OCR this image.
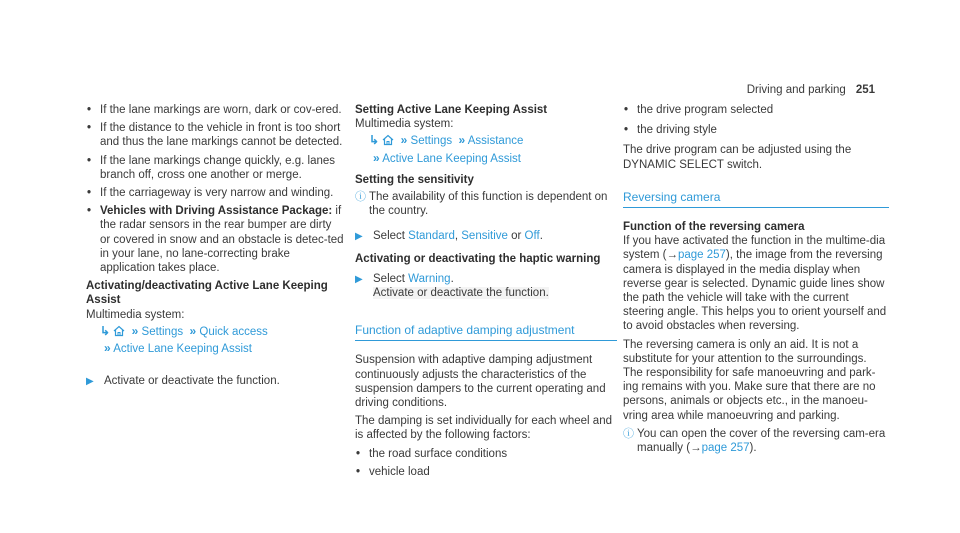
Driving and parking 251
• If the lane markings are worn, dark or cov-ered.
• If the distance to the vehicle in front is too short and thus the lane markings cannot be detected.
• If the lane markings change quickly, e.g. lanes branch off, cross one another or merge.
• If the carriageway is very narrow and winding.
• Vehicles with Driving Assistance Package: if the radar sensors in the rear bumper are dirty or covered in snow and an obstacle is detec-ted in your lane, no lane-correcting brake application takes place.
Activating/deactivating Active Lane Keeping Assist
Multimedia system:
↳ » Settings » Quick access
» Active Lane Keeping Assist
▶ Activate or deactivate the function.
Setting Active Lane Keeping Assist
Multimedia system:
↳ » Settings » Assistance
» Active Lane Keeping Assist
Setting the sensitivity
ⓘ The availability of this function is dependent on the country.
▶ Select Standard, Sensitive or Off.
Activating or deactivating the haptic warning
▶ Select Warning.
Activate or deactivate the function.
Function of adaptive damping adjustment

Suspension with adaptive damping adjustment continuously adjusts the characteristics of the suspension dampers to the current operating and driving conditions.

The damping is set individually for each wheel and is affected by the following factors:

• the road surface conditions
• vehicle load
• the drive program selected
• the driving style

The drive program can be adjusted using the DYNAMIC SELECT switch.

Reversing camera
Function of the reversing camera

If you have activated the function in the multime-dia system (→page 257), the image from the reversing camera is displayed in the media display when reverse gear is selected. Dynamic guide lines show the path the vehicle will take with the current steering angle. This helps you to orient yourself and to avoid obstacles when reversing.

The reversing camera is only an aid. It is not a substitute for your attention to the surroundings. The responsibility for safe manoeuvring and park-ing remains with you. Make sure that there are no persons, animals or objects etc., in the manoeu-vring area while manoeuvring and parking.

ⓘ You can open the cover of the reversing cam-era manually (→page 257).
